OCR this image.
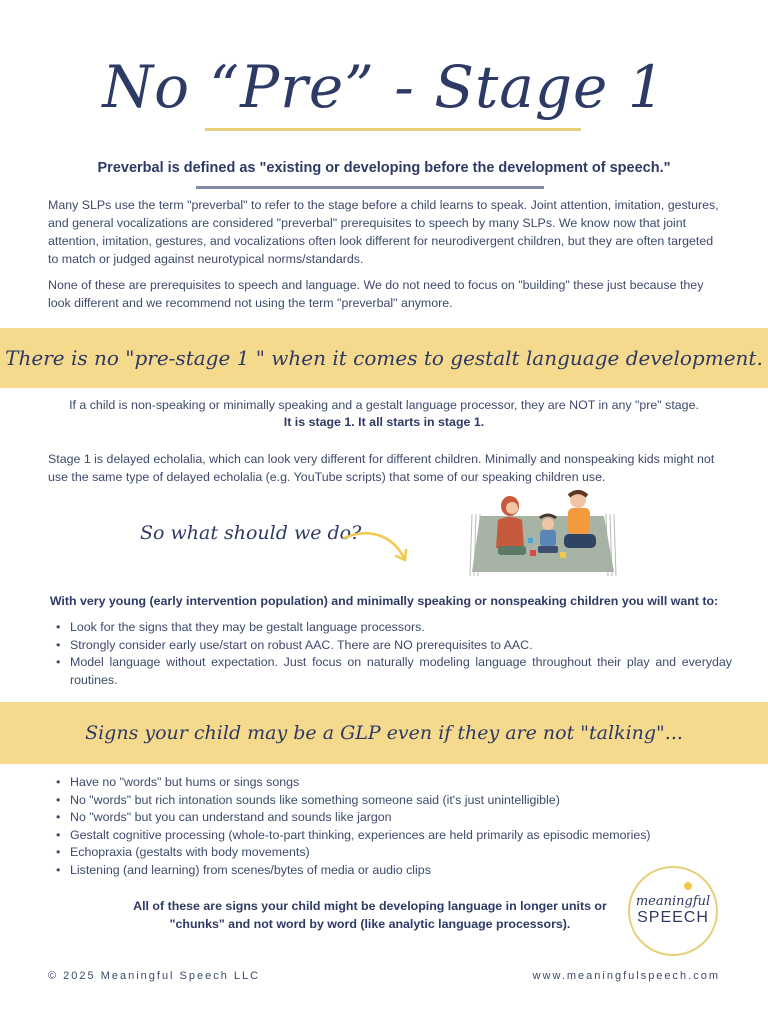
No “Pre” - Stage 1
Preverbal is defined as "existing or developing before the development of speech."

Many SLPs use the term "preverbal" to refer to the stage before a child learns to speak. Joint attention, imitation, gestures, and general vocalizations are considered "preverbal" prerequisites to speech by many SLPs. We know now that joint attention, imitation, gestures, and vocalizations often look different for neurodivergent children, but they are often targeted to match or judged against neurotypical norms/standards.

None of these are prerequisites to speech and language. We do not need to focus on "building" these just because they look different and we recommend not using the term "preverbal" anymore.

There is no "pre-stage 1 " when it comes to gestalt language development.
If a child is non-speaking or minimally speaking and a gestalt language processor, they are NOT in any "pre" stage.
It is stage 1. It all starts in stage 1.

Stage 1 is delayed echolalia, which can look very different for different children. Minimally and nonspeaking kids might not use the same type of delayed echolalia (e.g. YouTube scripts) that some of our speaking children use.

So what should we do?
With very young (early intervention population) and minimally speaking or nonspeaking children you will want to:
• Look for the signs that they may be gestalt language processors.
• Strongly consider early use/start on robust AAC. There are NO prerequisites to AAC.
• Model language without expectation. Just focus on naturally modeling language throughout their play and everyday routines.
Signs your child may be a GLP even if they are not "talking"...
• Have no "words" but hums or sings songs
• No "words" but rich intonation sounds like something someone said (it's just unintelligible)
• No "words" but you can understand and sounds like jargon
• Gestalt cognitive processing (whole-to-part thinking, experiences are held primarily as episodic memories)
• Echopraxia (gestalts with body movements)
• Listening (and learning) from scenes/bytes of media or audio clips
All of these are signs your child might be developing language in longer units or "chunks" and not word by word (like analytic language processors).
meaningful
SPEECH
© 2025 Meaningful Speech LLC	www.meaningfulspeech.com
